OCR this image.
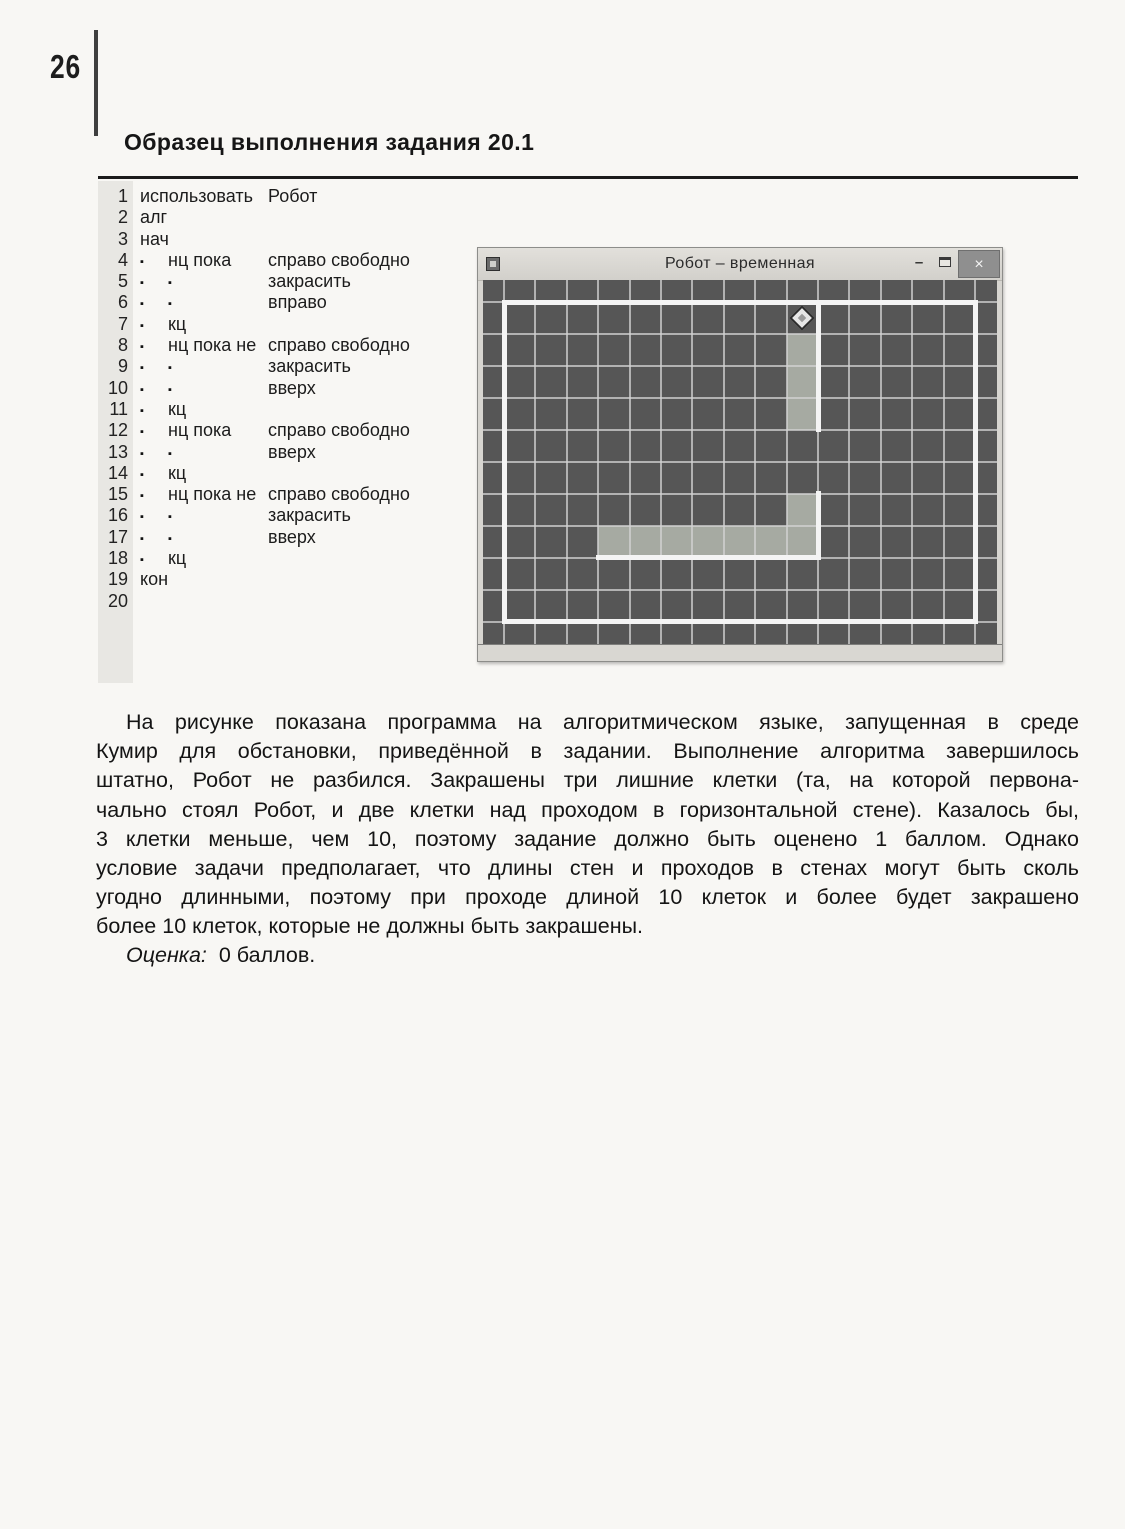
26
Образец выполнения задания 20.1
1 использовать Робот
2 алг
3 нач
4 ▪ нц пока справо свободно
5 ▪ ▪	закрасить
6 ▪ ▪	вправо
7 ▪ кц
8 ▪ нц пока не справо свободно
9 ▪ ▪	закрасить
10 ▪ ▪	вверх
11 ▪ кц
12 ▪ нц пока справо свободно
13 ▪ ▪	вверх
14 ▪ кц
15 ▪ нц пока не справо свободно
16 ▪ ▪	закрасить
17 ▪ ▪	вверх
18 ▪ кц
19 кон
20
Робот – временная	–	×
На рисунке показана программа на алгоритмическом языке, запущенная в среде
Кумир для обстановки, приведённой в задании. Выполнение алгоритма завершилось
штатно, Робот не разбился. Закрашены три лишние клетки (та, на которой первона-
чально стоял Робот, и две клетки над проходом в горизонтальной стене). Казалось бы,
3 клетки меньше, чем 10, поэтому задание должно быть оценено 1 баллом. Однако
условие задачи предполагает, что длины стен и проходов в стенах могут быть сколь
угодно длинными, поэтому при проходе длиной 10 клеток и более будет закрашено
более 10 клеток, которые не должны быть закрашены.
Оценка: 0 баллов.
